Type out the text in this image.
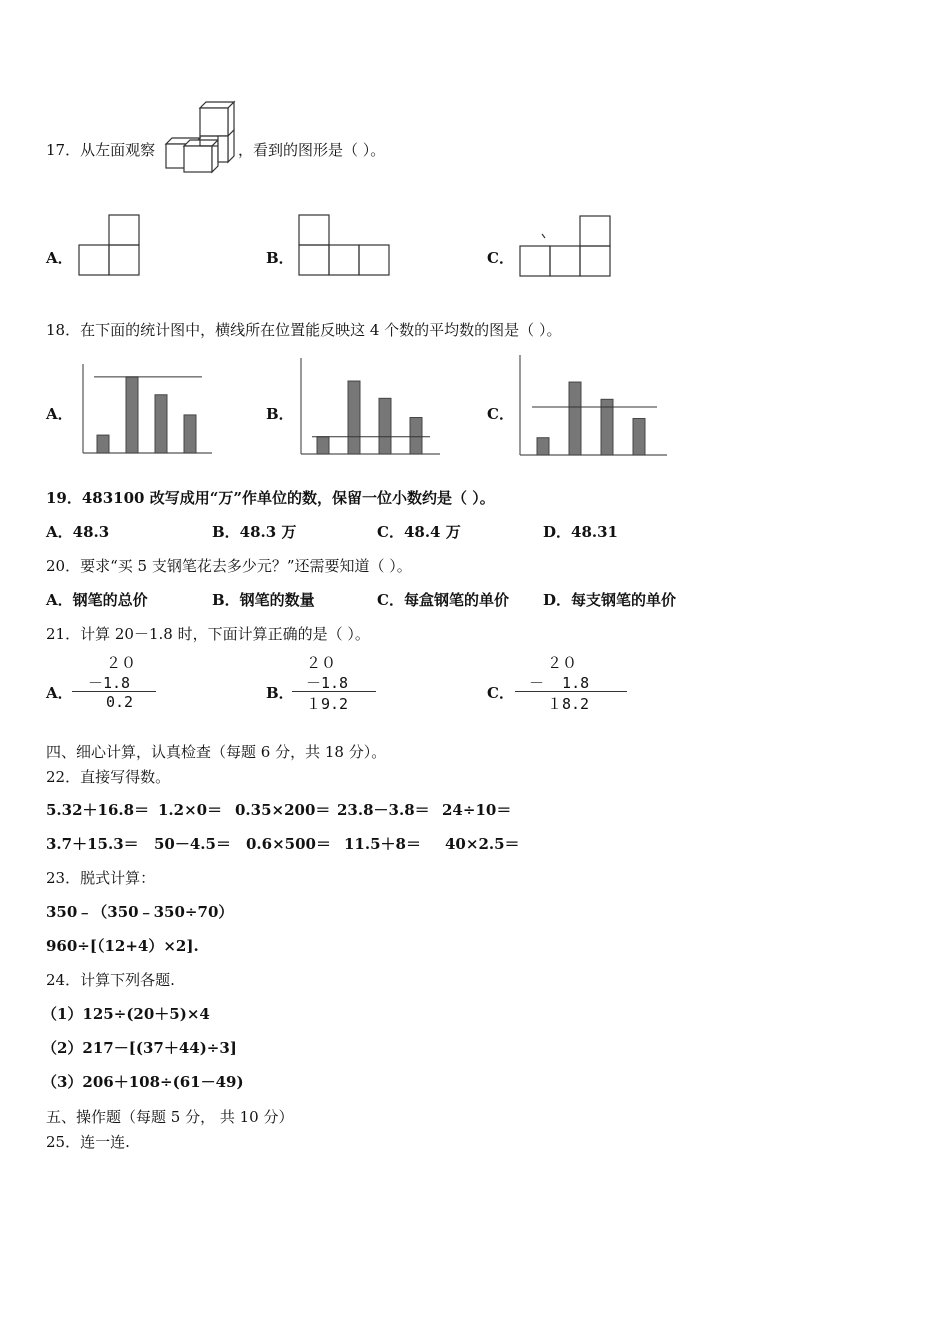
17．从左面观察	，看到的图形是（ ）。
A．	B．	C．
18．在下面的统计图中，横线所在位置能反映这 4 个数的平均数的图是（ ）。
A．	B．	C．
19．483100 改写成用“万”作单位的数，保留一位小数约是（ ）。
A．48.3	B．48.3 万	C．48.4 万	D．48.31
20．要求“买 5 支钢笔花去多少元？”还需要知道（ ）。
A．钢笔的总价	B．钢笔的数量	C．每盒钢笔的单价 D．每支钢笔的单价
21．计算 20－1.8 时，下面计算正确的是（ ）。
A．
２０
－1.8
0.2	B．
２０
－1.8
１9.2
C．
２０
－  1.8
１8.2
四、细心计算，认真检查（每题 6 分，共 18 分）。
22．直接写得数。
5.32＋16.8＝ 1.2×0＝ 0.35×200＝ 23.8－3.8＝ 24÷10＝
3.7＋15.3＝ 50－4.5＝ 0.6×500＝ 11.5＋8＝ 40×2.5＝
23．脱式计算：
350﹣（350﹣350÷70）
960÷[（12+4）×2].
24．计算下列各题.
（1）125÷(20＋5)×4
（2）217－[(37＋44)÷3]
（3）206＋108÷(61－49)
五、操作题（每题 5 分， 共 10 分）
25．连一连.
